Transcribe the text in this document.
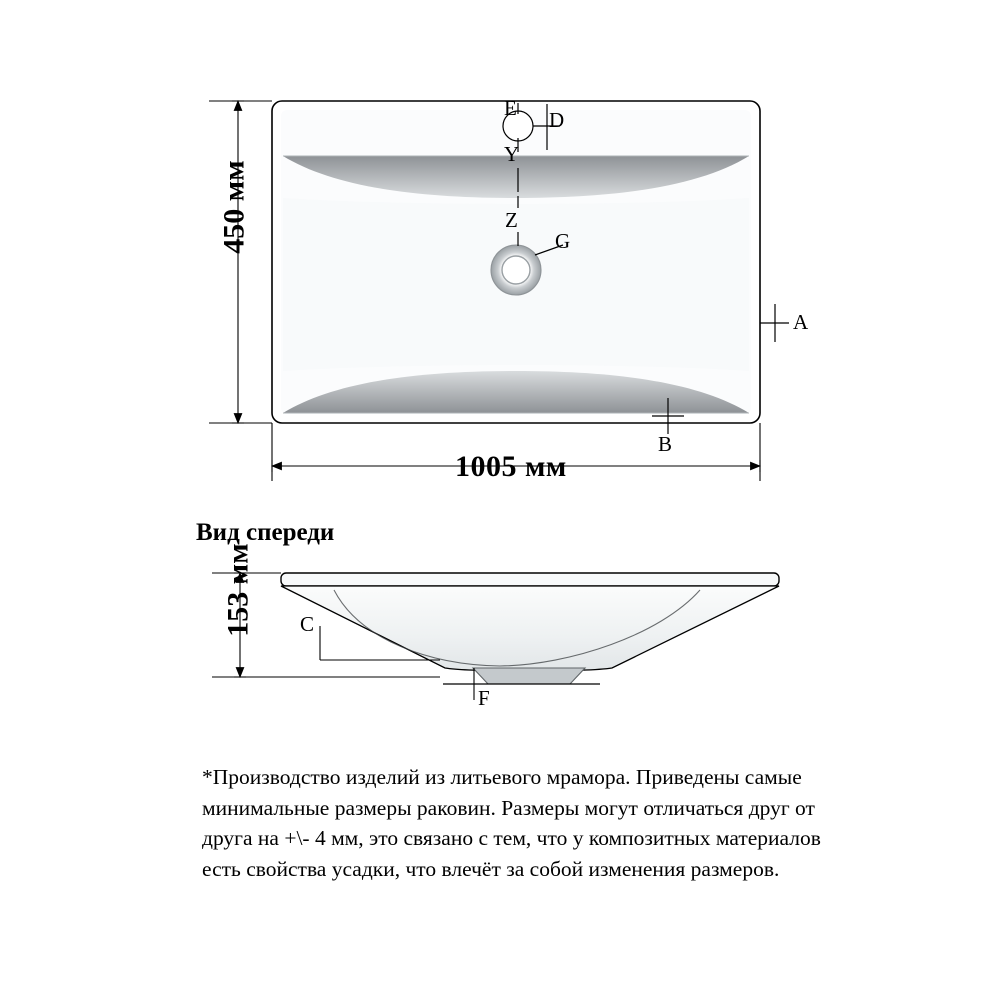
E D
Y
Z
G
A
B
1005 мм
450 мм
Вид спереди
153 мм C
F
*Производство изделий из литьевого мрамора. Приведены самые минимальные размеры раковин. Размеры могут отличаться друг от друга на +\- 4 мм, это связано с тем, что у композитных материалов есть свойства усадки, что влечёт за собой изменения размеров.
